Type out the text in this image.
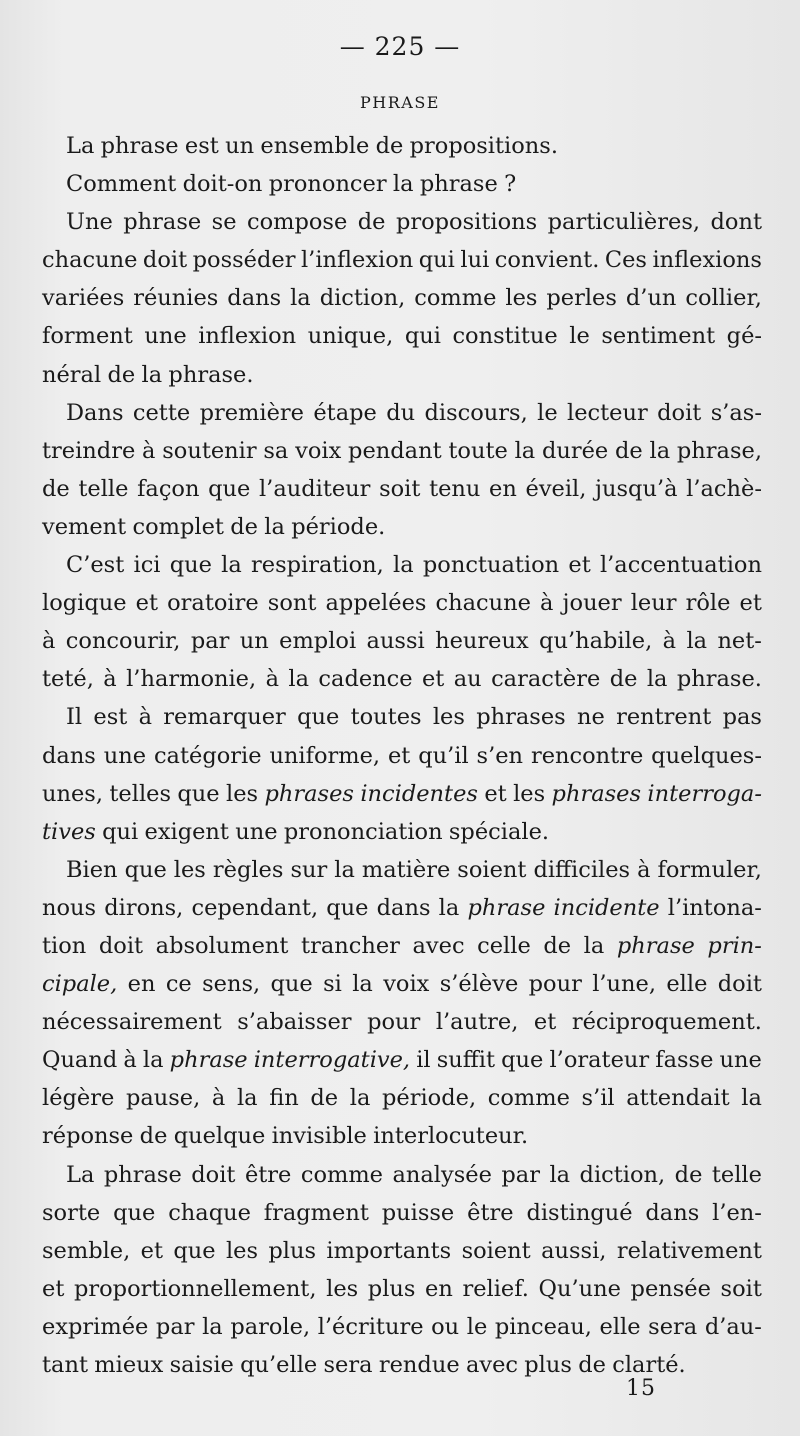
— 225 —
PHRASE
La phrase est un ensemble de propositions.
Comment doit-on prononcer la phrase ?
Une phrase se compose de propositions particulières, dont
chacune doit posséder l’inflexion qui lui convient. Ces inflexions
variées réunies dans la diction, comme les perles d’un collier,
forment une inflexion unique, qui constitue le sentiment gé-
néral de la phrase.
Dans cette première étape du discours, le lecteur doit s’as-
treindre à soutenir sa voix pendant toute la durée de la phrase,
de telle façon que l’auditeur soit tenu en éveil, jusqu’à l’achè-
vement complet de la période.
C’est ici que la respiration, la ponctuation et l’accentuation
logique et oratoire sont appelées chacune à jouer leur rôle et
à concourir, par un emploi aussi heureux qu’habile, à la net-
teté, à l’harmonie, à la cadence et au caractère de la phrase.
Il est à remarquer que toutes les phrases ne rentrent pas
dans une catégorie uniforme, et qu’il s’en rencontre quelques-
unes, telles que les phrases incidentes et les phrases interroga-
tives qui exigent une prononciation spéciale.
Bien que les règles sur la matière soient difficiles à formuler,
nous dirons, cependant, que dans la phrase incidente l’intona-
tion doit absolument trancher avec celle de la phrase prin-
cipale, en ce sens, que si la voix s’élève pour l’une, elle doit
nécessairement s’abaisser pour l’autre, et réciproquement.
Quand à la phrase interrogative, il suffit que l’orateur fasse une
légère pause, à la fin de la période, comme s’il attendait la
réponse de quelque invisible interlocuteur.
La phrase doit être comme analysée par la diction, de telle
sorte que chaque fragment puisse être distingué dans l’en-
semble, et que les plus importants soient aussi, relativement
et proportionnellement, les plus en relief. Qu’une pensée soit
exprimée par la parole, l’écriture ou le pinceau, elle sera d’au-
tant mieux saisie qu’elle sera rendue avec plus de clarté.
15
